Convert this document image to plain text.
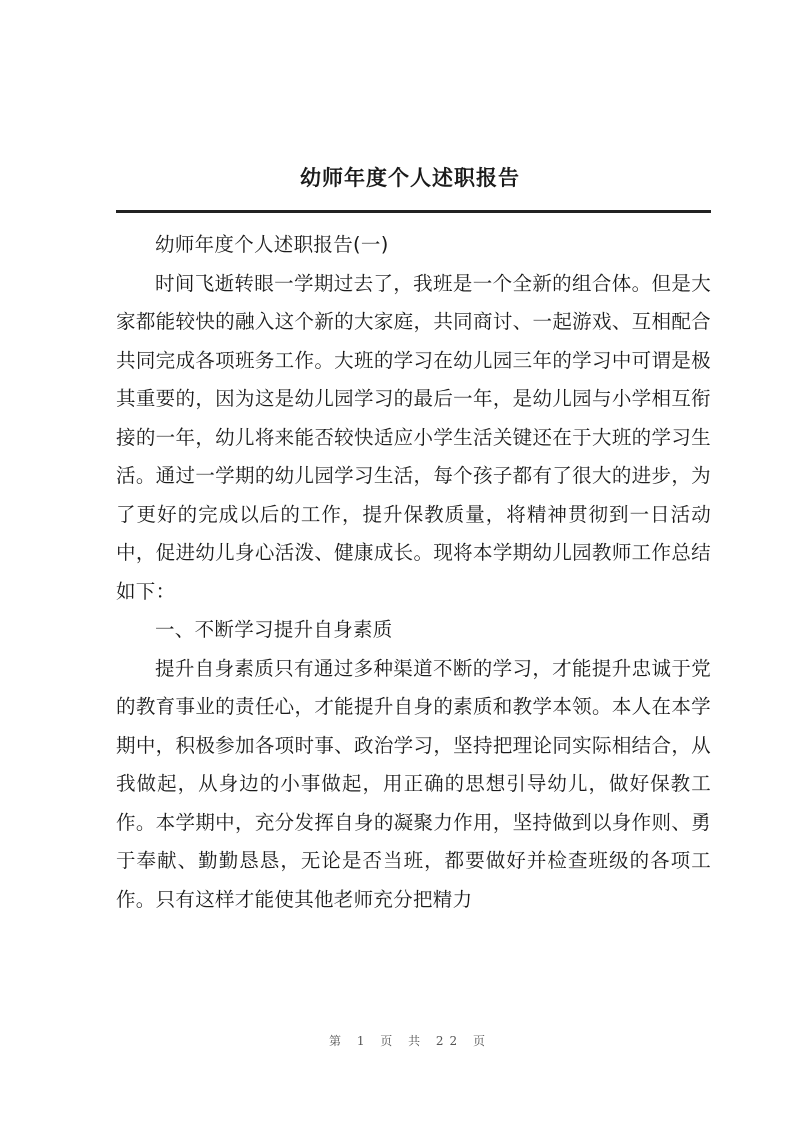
幼师年度个人述职报告

幼师年度个人述职报告(一)

时间飞逝转眼一学期过去了，我班是一个全新的组合体。但是大家都能较快的融入这个新的大家庭，共同商讨、一起游戏、互相配合共同完成各项班务工作。大班的学习在幼儿园三年的学习中可谓是极其重要的，因为这是幼儿园学习的最后一年，是幼儿园与小学相互衔接的一年，幼儿将来能否较快适应小学生活关键还在于大班的学习生活。通过一学期的幼儿园学习生活，每个孩子都有了很大的进步，为了更好的完成以后的工作，提升保教质量，将精神贯彻到一日活动中，促进幼儿身心活泼、健康成长。现将本学期幼儿园教师工作总结如下：

一、不断学习提升自身素质

提升自身素质只有通过多种渠道不断的学习，才能提升忠诚于党的教育事业的责任心，才能提升自身的素质和教学本领。本人在本学期中，积极参加各项时事、政治学习，坚持把理论同实际相结合，从我做起，从身边的小事做起，用正确的思想引导幼儿，做好保教工作。本学期中，充分发挥自身的凝聚力作用，坚持做到以身作则、勇于奉献、勤勤恳恳，无论是否当班，都要做好并检查班级的各项工作。只有这样才能使其他老师充分把精力

第 1 页 共 22 页
